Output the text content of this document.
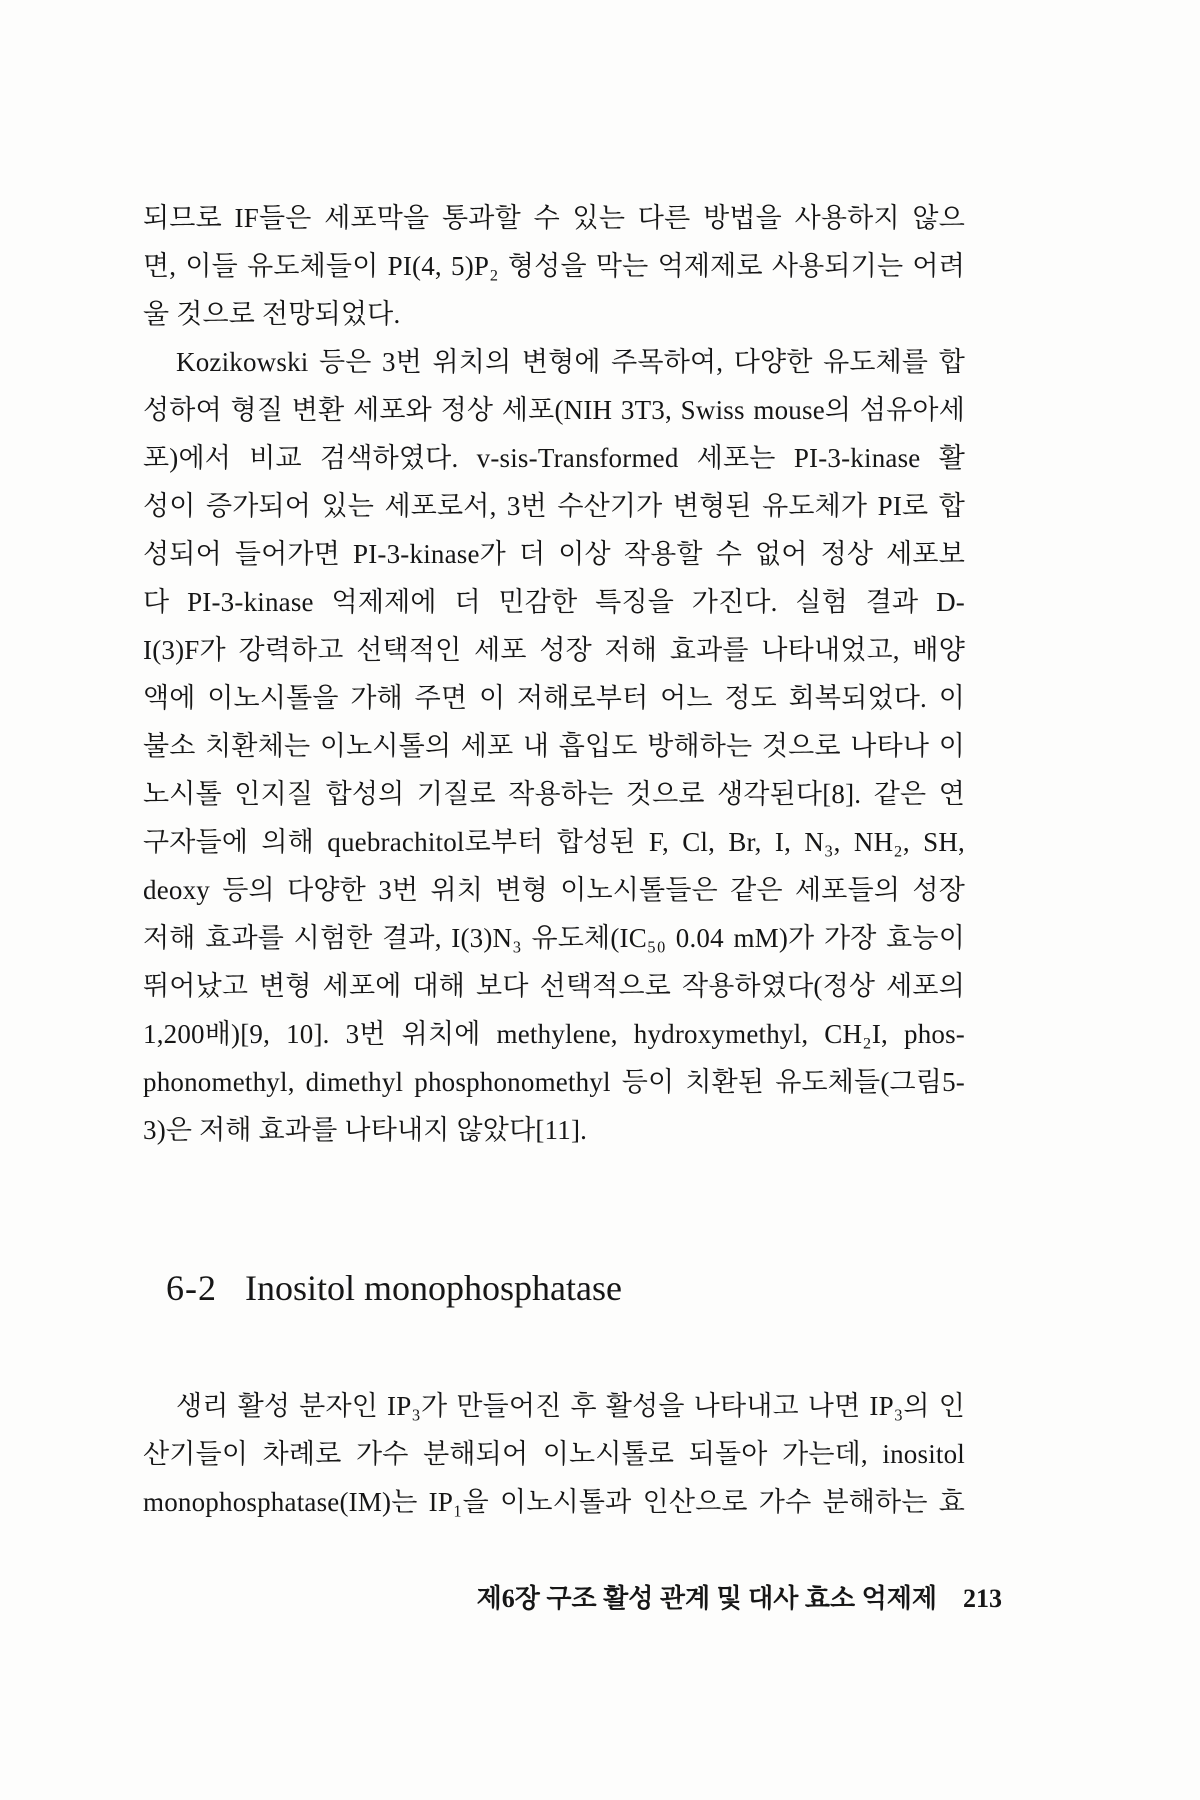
되므로 IF들은 세포막을 통과할 수 있는 다른 방법을 사용하지 않으
면, 이들 유도체들이 PI(4, 5)P₂ 형성을 막는 억제제로 사용되기는 어려
울 것으로 전망되었다.
Kozikowski 등은 3번 위치의 변형에 주목하여, 다양한 유도체를 합
성하여 형질 변환 세포와 정상 세포(NIH 3T3, Swiss mouse의 섬유아세
포)에서 비교 검색하였다. v-sis-Transformed 세포는 PI-3-kinase 활
성이 증가되어 있는 세포로서, 3번 수산기가 변형된 유도체가 PI로 합
성되어 들어가면 PI-3-kinase가 더 이상 작용할 수 없어 정상 세포보
다 PI-3-kinase 억제제에 더 민감한 특징을 가진다. 실험 결과 D-
I(3)F가 강력하고 선택적인 세포 성장 저해 효과를 나타내었고, 배양
액에 이노시톨을 가해 주면 이 저해로부터 어느 정도 회복되었다. 이
불소 치환체는 이노시톨의 세포 내 흡입도 방해하는 것으로 나타나 이
노시톨 인지질 합성의 기질로 작용하는 것으로 생각된다[8]. 같은 연
구자들에 의해 quebrachitol로부터 합성된 F, Cl, Br, I, N₃, NH₂, SH,
deoxy 등의 다양한 3번 위치 변형 이노시톨들은 같은 세포들의 성장
저해 효과를 시험한 결과, I(3)N₃ 유도체(IC₅₀ 0.04 mM)가 가장 효능이
뛰어났고 변형 세포에 대해 보다 선택적으로 작용하였다(정상 세포의
1,200배)[9, 10]. 3번 위치에 methylene, hydroxymethyl, CH₂I, phos-
phonomethyl, dimethyl phosphonomethyl 등이 치환된 유도체들(그림5-
3)은 저해 효과를 나타내지 않았다[11].
6-2 Inositol monophosphatase
생리 활성 분자인 IP₃가 만들어진 후 활성을 나타내고 나면 IP₃의 인
산기들이 차례로 가수 분해되어 이노시톨로 되돌아 가는데, inositol
monophosphatase(IM)는 IP₁을 이노시톨과 인산으로 가수 분해하는 효
제6장 구조 활성 관계 및 대사 효소 억제제 213
